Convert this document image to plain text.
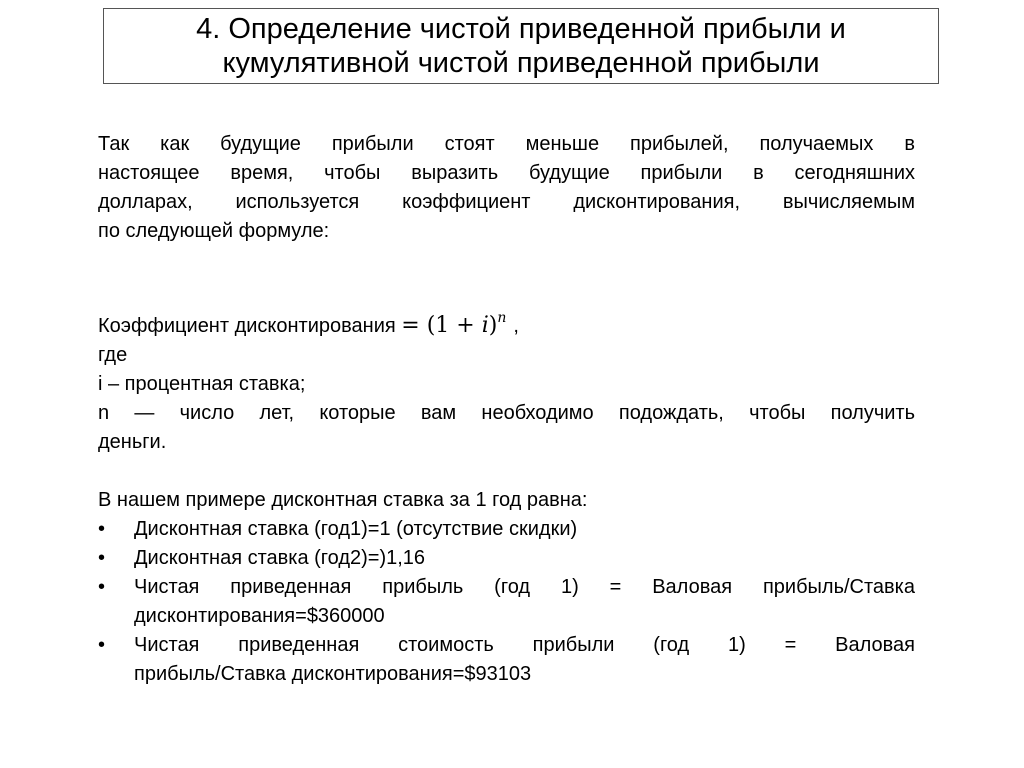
4. Определение чистой приведенной прибыли и
кумулятивной чистой приведенной прибыли
Так как будущие прибыли стоят меньше прибылей, получаемых в
настоящее время, чтобы выразить будущие прибыли в сегодняшних
долларах, используется коэффициент дисконтирования, вычисляемым
по следующей формуле:
Коэффициент дисконтирования = $(1 + i)^n$ ,
где
i – процентная ставка;
n — число лет, которые вам необходимо подождать, чтобы получить
деньги.
В нашем примере дисконтная ставка за 1 год равна:
•	Дисконтная ставка (год1)=1 (отсутствие скидки)
•	Дисконтная ставка (год2)=)1,16
•	Чистая приведенная прибыль (год 1) = Валовая прибыль/Ставка
дисконтирования=$360000
•	Чистая приведенная стоимость прибыли (год 1) = Валовая
прибыль/Ставка дисконтирования=$93103
